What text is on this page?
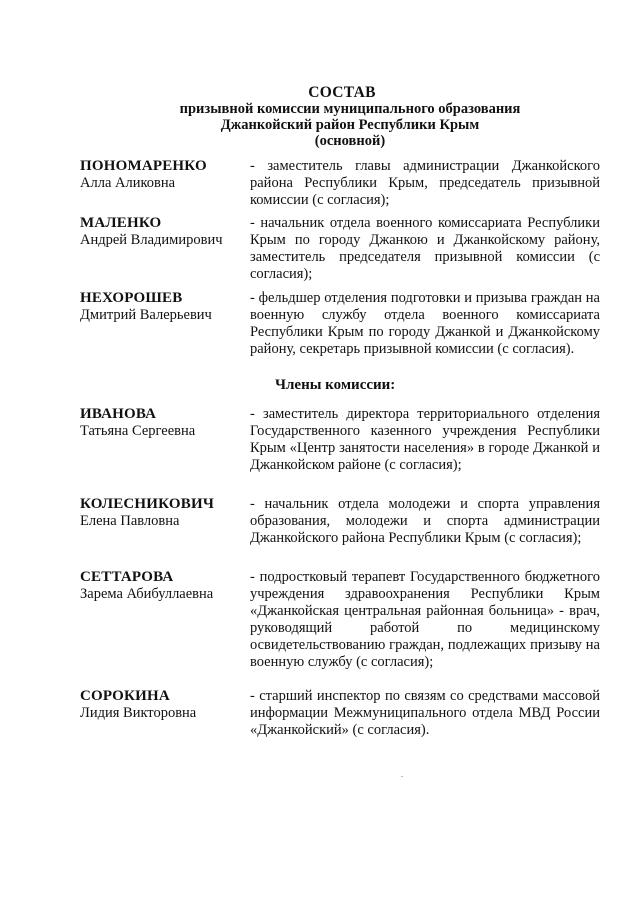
СОСТАВ
призывной комиссии муниципального образования
Джанкойский район Республики Крым
(основной)
ПОНОМАРЕНКО
Алла Аликовна
- заместитель главы администрации Джанкойского района Республики Крым, председатель призывной комиссии (с согласия);
МАЛЕНКО
Андрей Владимирович
- начальник отдела военного комиссариата Республики Крым по городу Джанкою и Джанкойскому району, заместитель председателя призывной комиссии (с согласия);
НЕХОРОШЕВ
Дмитрий Валерьевич
- фельдшер отделения подготовки и призыва граждан на военную службу отдела военного комиссариата Республики Крым по городу Джанкой и Джанкойскому району, секретарь призывной комиссии (с согласия).
Члены комиссии:
ИВАНОВА
Татьяна Сергеевна
- заместитель директора территориального отделения Государственного казенного учреждения Республики Крым «Центр занятости населения» в городе Джанкой и Джанкойском районе (с согласия);
КОЛЕСНИКОВИЧ
Елена Павловна
- начальник отдела молодежи и спорта управления образования, молодежи и спорта администрации Джанкойского района Республики Крым (с согласия);
СЕТТАРОВА
Зарема Абибуллаевна
- подростковый терапевт Государственного бюджетного учреждения здравоохранения Республики Крым «Джанкойская центральная районная больница» - врач, руководящий работой по медицинскому освидетельствованию граждан, подлежащих призыву на военную службу (с согласия);
СОРОКИНА
Лидия Викторовна
- старший инспектор по связям со средствами массовой информации Межмуниципального отдела МВД России «Джанкойский» (с согласия).
